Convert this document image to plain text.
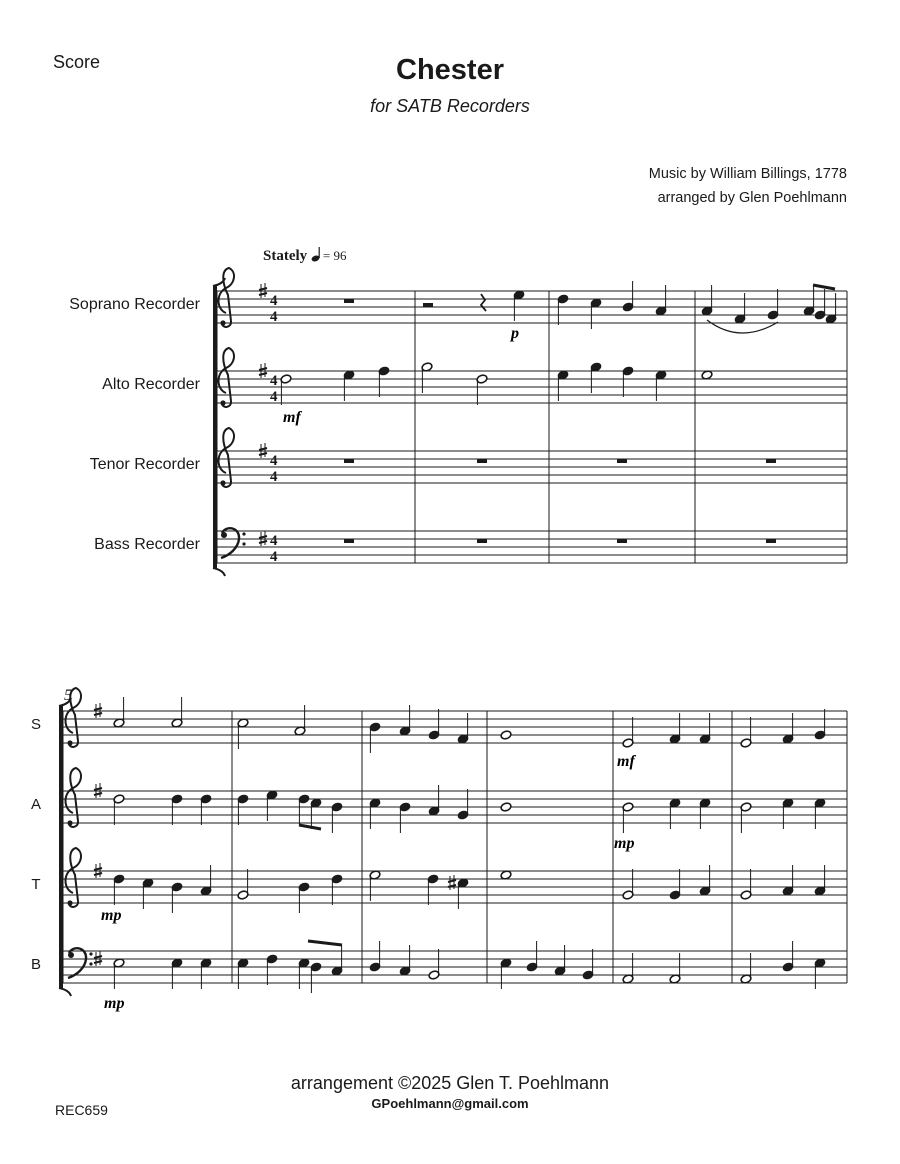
Score	Chester
for SATB Recorders
Music by William Billings, 1778
arranged by Glen Poehlmann
Stately = 96
Soprano Recorder
Alto Recorder
Tenor Recorder
Bass Recorder
S
A
T
B
4
4
4
4
4
4
4
4
p
mf
mf
mp
mp
mp
5
arrangement ©2025 Glen T. Poehlmann
GPoehlmann@gmail.com
REC659
